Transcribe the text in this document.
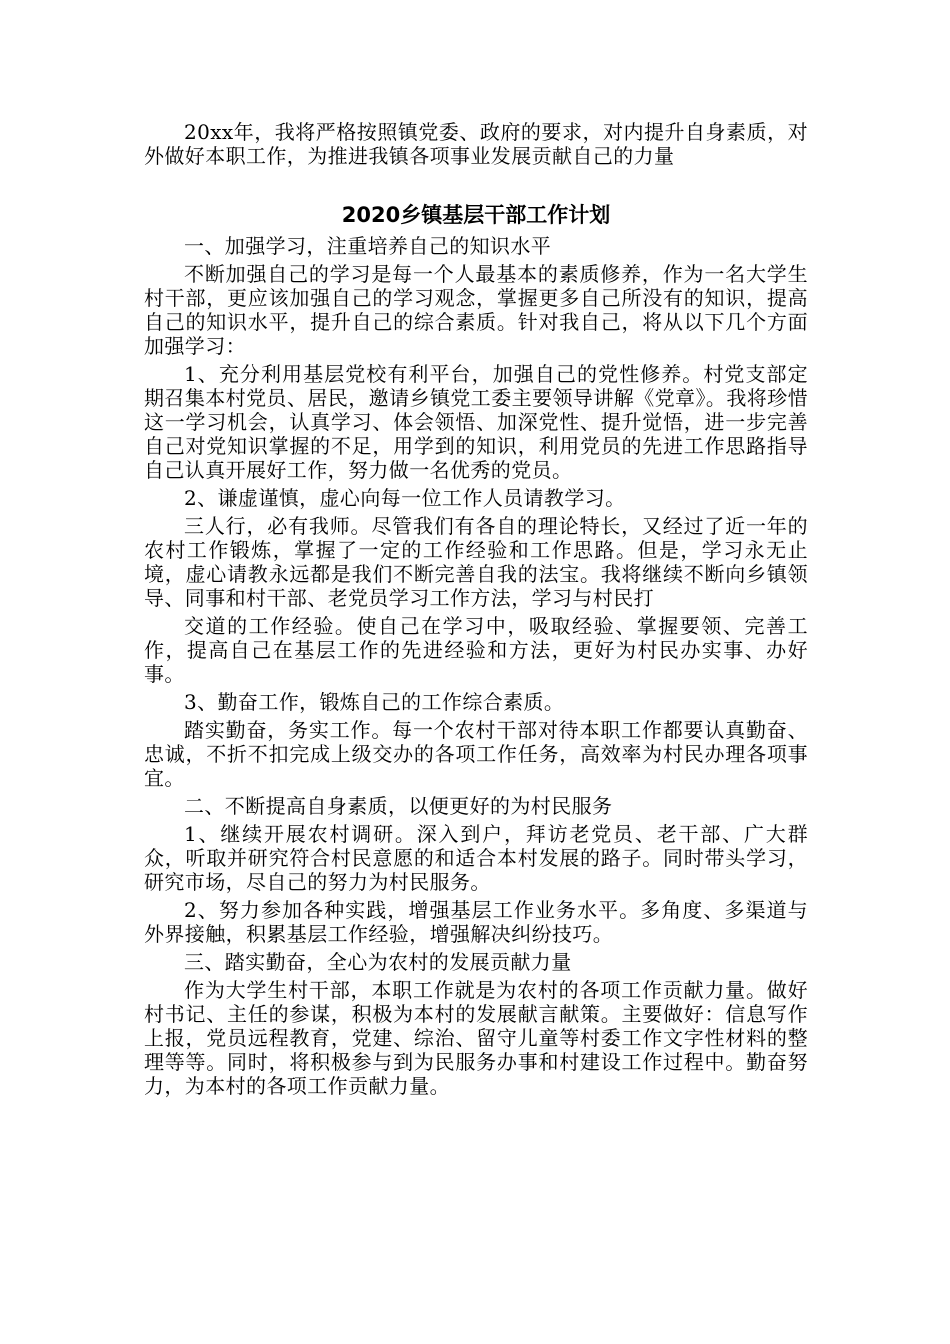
20xx年，我将严格按照镇党委、政府的要求，对内提升自身素质，对外做好本职工作，为推进我镇各项事业发展贡献自己的力量

2020乡镇基层干部工作计划

一、加强学习，注重培养自己的知识水平

不断加强自己的学习是每一个人最基本的素质修养，作为一名大学生村干部，更应该加强自己的学习观念，掌握更多自己所没有的知识，提高自己的知识水平，提升自己的综合素质。针对我自己，将从以下几个方面加强学习：

1、充分利用基层党校有利平台，加强自己的党性修养。村党支部定期召集本村党员、居民，邀请乡镇党工委主要领导讲解《党章》。我将珍惜这一学习机会，认真学习、体会领悟、加深党性、提升觉悟，进一步完善自己对党知识掌握的不足，用学到的知识，利用党员的先进工作思路指导自己认真开展好工作，努力做一名优秀的党员。

2、谦虚谨慎，虚心向每一位工作人员请教学习。

三人行，必有我师。尽管我们有各自的理论特长，又经过了近一年的农村工作锻炼，掌握了一定的工作经验和工作思路。但是，学习永无止境，虚心请教永远都是我们不断完善自我的法宝。我将继续不断向乡镇领导、同事和村干部、老党员学习工作方法，学习与村民打

交道的工作经验。使自己在学习中，吸取经验、掌握要领、完善工作，提高自己在基层工作的先进经验和方法，更好为村民办实事、办好事。

3、勤奋工作，锻炼自己的工作综合素质。

踏实勤奋，务实工作。每一个农村干部对待本职工作都要认真勤奋、忠诚，不折不扣完成上级交办的各项工作任务，高效率为村民办理各项事宜。

二、不断提高自身素质，以便更好的为村民服务

1、继续开展农村调研。深入到户，拜访老党员、老干部、广大群众，听取并研究符合村民意愿的和适合本村发展的路子。同时带头学习，研究市场，尽自己的努力为村民服务。

2、努力参加各种实践，增强基层工作业务水平。多角度、多渠道与外界接触，积累基层工作经验，增强解决纠纷技巧。

三、踏实勤奋，全心为农村的发展贡献力量

作为大学生村干部，本职工作就是为农村的各项工作贡献力量。做好村书记、主任的参谋，积极为本村的发展献言献策。主要做好：信息写作上报，党员远程教育，党建、综治、留守儿童等村委工作文字性材料的整理等等。同时，将积极参与到为民服务办事和村建设工作过程中。勤奋努力，为本村的各项工作贡献力量。
